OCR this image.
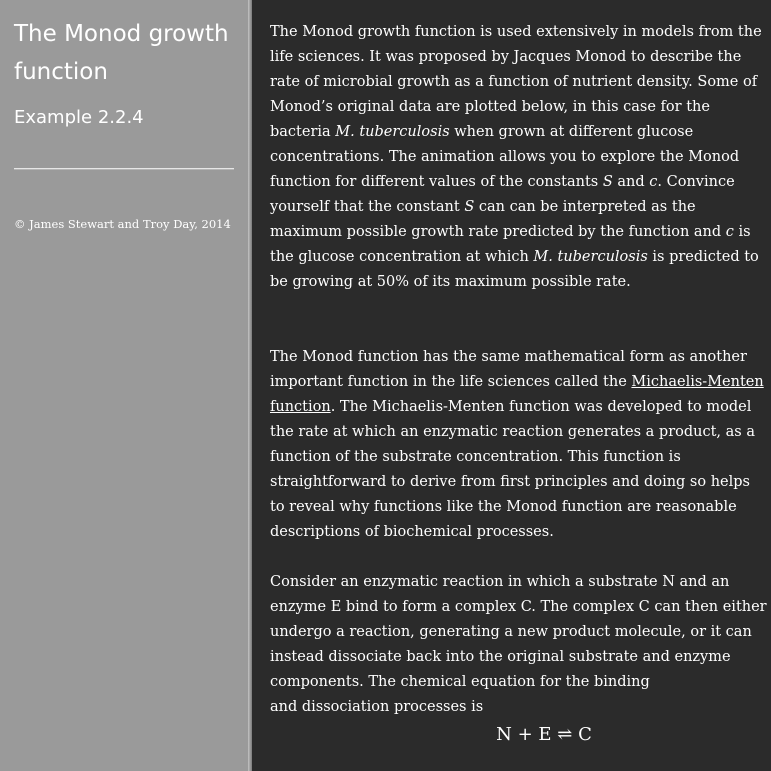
The Monod growth function
Example 2.2.4
© James Stewart and Troy Day, 2014

The Monod growth function is used extensively in models from the life sciences. It was proposed by Jacques Monod to describe the rate of microbial growth as a function of nutrient density. Some of Monod’s original data are plotted below, in this case for the bacteria M. tuberculosis when grown at different glucose concentrations. The animation allows you to explore the Monod function for different values of the constants S and c. Convince yourself that the constant S can can be interpreted as the maximum possible growth rate predicted by the function and c is the glucose concentration at which M. tuberculosis is predicted to be growing at 50% of its maximum possible rate.

The Monod function has the same mathematical form as another important function in the life sciences called the Michaelis-Menten function. The Michaelis-Menten function was developed to model the rate at which an enzymatic reaction generates a product, as a function of the substrate concentration. This function is straightforward to derive from first principles and doing so helps to reveal why functions like the Monod function are reasonable descriptions of biochemical processes.

Consider an enzymatic reaction in which a substrate N and an enzyme E bind to form a complex C. The complex C can then either undergo a reaction, generating a new product molecule, or it can instead dissociate back into the original substrate and enzyme components. The chemical equation for the binding
and dissociation processes is

N + E ⇌ C
